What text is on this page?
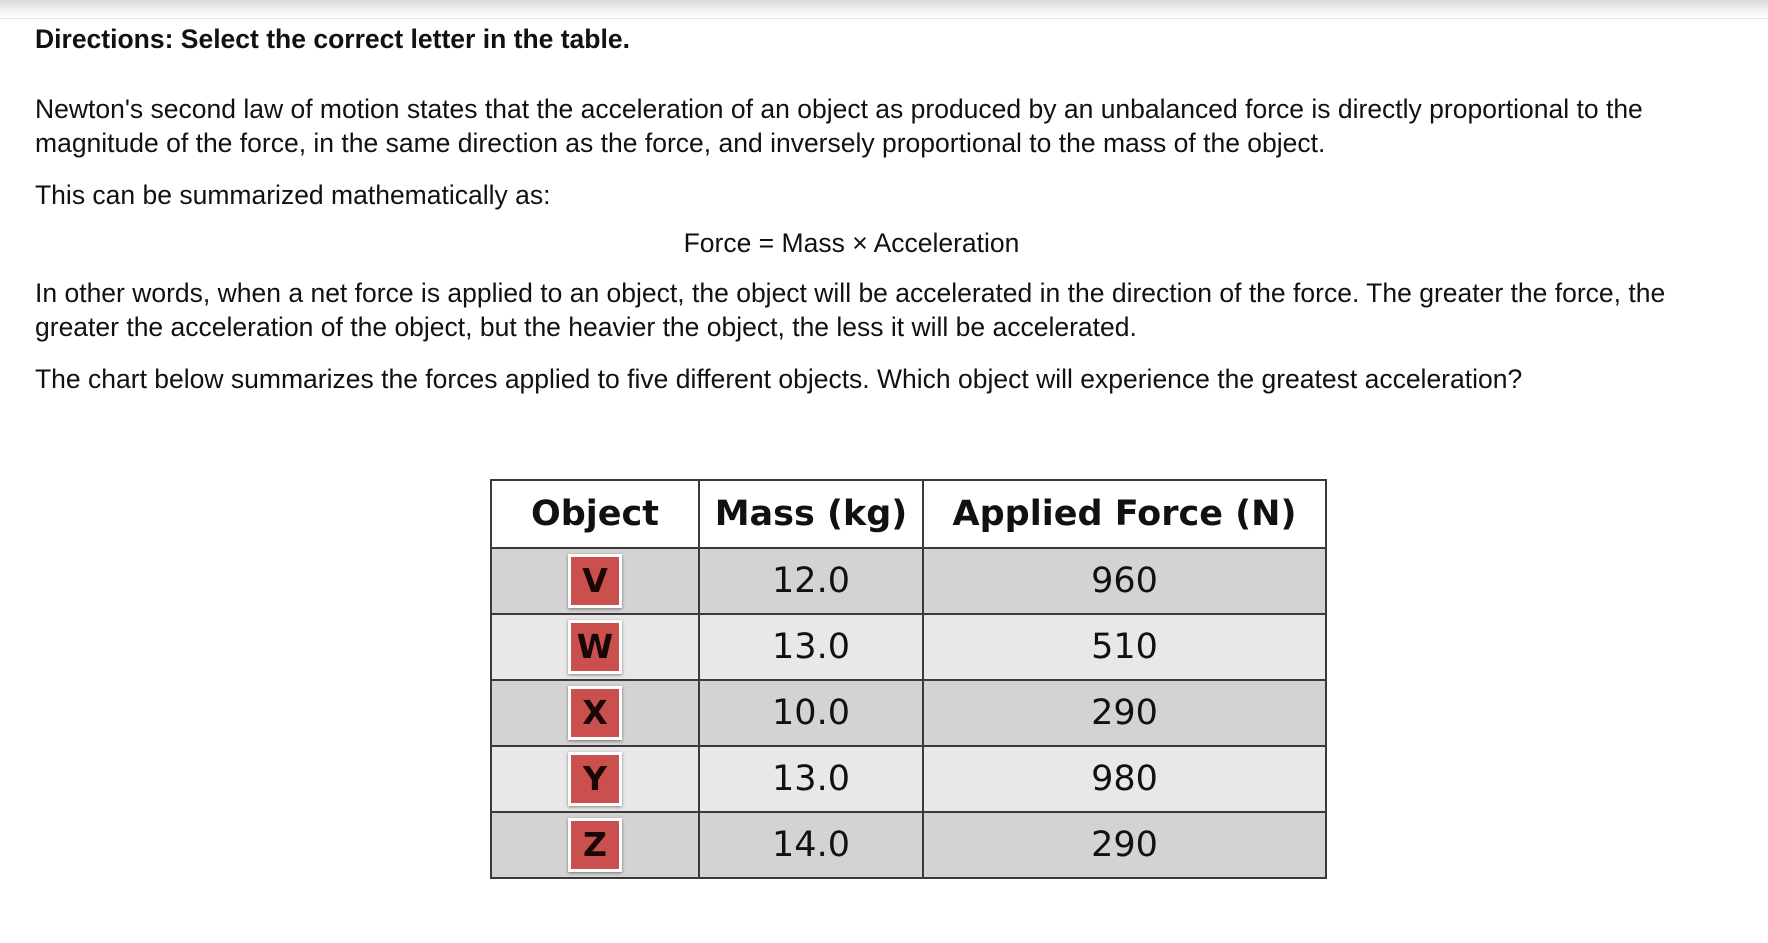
Directions: Select the correct letter in the table.
Newton's second law of motion states that the acceleration of an object as produced by an unbalanced force is directly proportional to the magnitude of the force, in the same direction as the force, and inversely proportional to the mass of the object.
This can be summarized mathematically as:
Force = Mass × Acceleration
In other words, when a net force is applied to an object, the object will be accelerated in the direction of the force. The greater the force, the greater the acceleration of the object, but the heavier the object, the less it will be accelerated.
The chart below summarizes the forces applied to five different objects. Which object will experience the greatest acceleration?
Object	Mass (kg)	Applied Force (N)
V	12.0	960
W	13.0	510
X	10.0	290
Y	13.0	980
Z	14.0	290
